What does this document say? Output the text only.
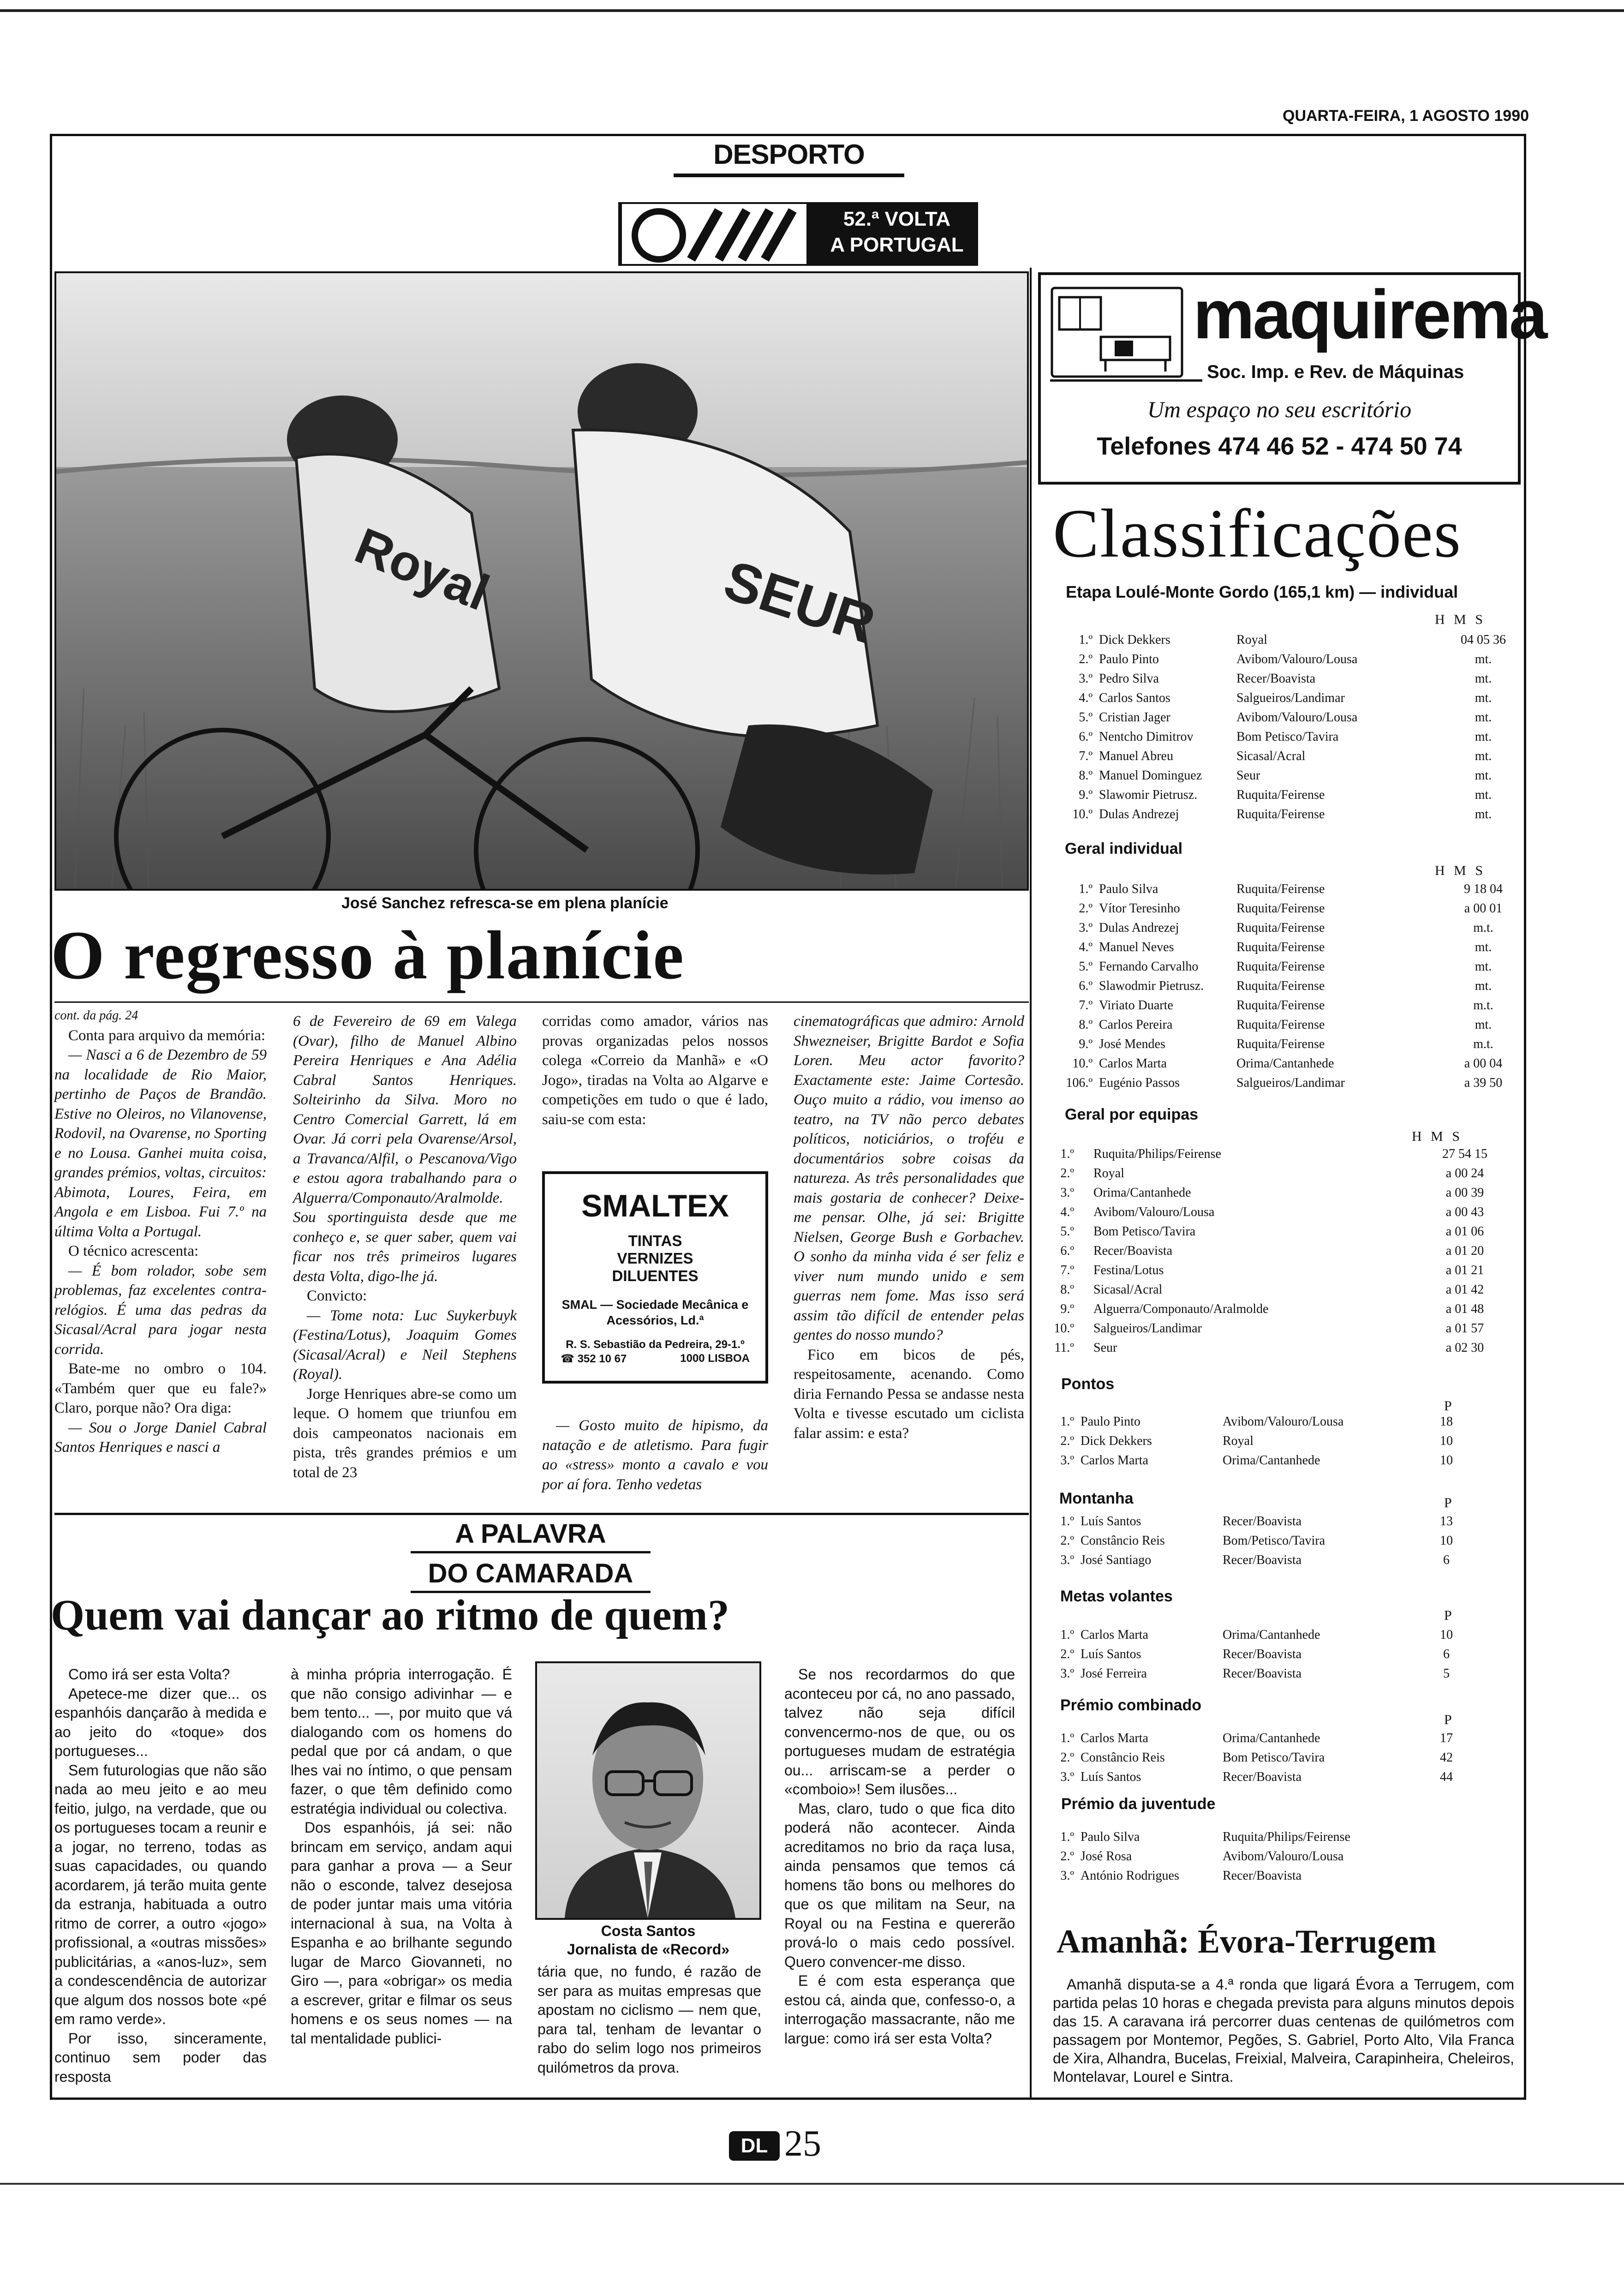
QUARTA-FEIRA, 1 AGOSTO 1990
DESPORTO
52.ª VOLTA
A PORTUGAL
Royal	SEUR
José Sanchez refresca-se em plena planície
O regresso à planície

cont. da pág. 24

Conta para arquivo da memória:

— Nasci a 6 de Dezembro de 59 na localidade de Rio Maior, pertinho de Paços de Brandão. Estive no Oleiros, no Vilanovense, Rodovil, na Ovarense, no Sporting e no Lousa. Ganhei muita coisa, grandes prémios, voltas, circuitos: Abimota, Loures, Feira, em Angola e em Lisboa. Fui 7.º na última Volta a Portugal.

O técnico acrescenta:

— É bom rolador, sobe sem problemas, faz excelentes contra-relógios. É uma das pedras da Sicasal/Acral para jogar nesta corrida.

Bate-me no ombro o 104. «Também quer que eu fale?» Claro, porque não? Ora diga:

— Sou o Jorge Daniel Cabral Santos Henriques e nasci a

6 de Fevereiro de 69 em Valega (Ovar), filho de Manuel Albino Pereira Henriques e Ana Adélia Cabral Santos Henriques. Solteirinho da Silva. Moro no Centro Comercial Garrett, lá em Ovar. Já corri pela Ovarense/Arsol, a Travanca/Alfil, o Pescanova/Vigo e estou agora trabalhando para o Alguerra/Componauto/Aralmolde. Sou sportinguista desde que me conheço e, se quer saber, quem vai ficar nos três primeiros lugares desta Volta, digo-lhe já.

Convicto:

— Tome nota: Luc Suykerbuyk (Festina/Lotus), Joaquim Gomes (Sicasal/Acral) e Neil Stephens (Royal).

Jorge Henriques abre-se como um leque. O homem que triunfou em dois campeonatos nacionais em pista, três grandes prémios e um total de 23

corridas como amador, vários nas provas organizadas pelos nossos colega «Correio da Manhã» e «O Jogo», tiradas na Volta ao Algarve e competições em tudo o que é lado, saiu-se com esta:

SMALTEX
TINTAS
VERNIZES
DILUENTES
SMAL — Sociedade Mecânica e Acessórios, Ld.ª
R. S. Sebastião da Pedreira, 29-1.º
☎ 352 10 67	1000 LISBOA

— Gosto muito de hipismo, da natação e de atletismo. Para fugir ao «stress» monto a cavalo e vou por aí fora. Tenho vedetas

cinematográficas que admiro: Arnold Shwezneiser, Brigitte Bardot e Sofia Loren. Meu actor favorito? Exactamente este: Jaime Cortesão. Ouço muito a rádio, vou imenso ao teatro, na TV não perco debates políticos, noticiários, o troféu e documentários sobre coisas da natureza. As três personalidades que mais gostaria de conhecer? Deixe-me pensar. Olhe, já sei: Brigitte Nielsen, George Bush e Gorbachev. O sonho da minha vida é ser feliz e viver num mundo unido e sem guerras nem fome. Mas isso será assim tão difícil de entender pelas gentes do nosso mundo?

Fico em bicos de pés, respeitosamente, acenando. Como diria Fernando Pessa se andasse nesta Volta e tivesse escutado um ciclista falar assim: e esta?

A PALAVRA
DO CAMARADA
Quem vai dançar ao ritmo de quem?

Como irá ser esta Volta?

Apetece-me dizer que... os espanhóis dançarão à medida e ao jeito do «toque» dos portugueses...

Sem futurologias que não são nada ao meu jeito e ao meu feitio, julgo, na verdade, que ou os portugueses tocam a reunir e a jogar, no terreno, todas as suas capacidades, ou quando acordarem, já terão muita gente da estranja, habituada a outro ritmo de correr, a outro «jogo» profissional, a «outras missões» publicitárias, a «anos-luz», sem a condescendência de autorizar que algum dos nossos bote «pé em ramo verde».

Por isso, sinceramente, continuo sem poder das resposta

à minha própria interrogação. É que não consigo adivinhar — e bem tento... —, por muito que vá dialogando com os homens do pedal que por cá andam, o que lhes vai no íntimo, o que pensam fazer, o que têm definido como estratégia individual ou colectiva.

Dos espanhóis, já sei: não brincam em serviço, andam aqui para ganhar a prova — a Seur não o esconde, talvez desejosa de poder juntar mais uma vitória internacional à sua, na Volta à Espanha e ao brilhante segundo lugar de Marco Giovanneti, no Giro —, para «obrigar» os media a escrever, gritar e filmar os seus homens e os seus nomes — na tal mentalidade publici-

Costa Santos
Jornalista de «Record»

tária que, no fundo, é razão de ser para as muitas empresas que apostam no ciclismo — nem que, para tal, tenham de levantar o rabo do selim logo nos primeiros quilómetros da prova.

Se nos recordarmos do que aconteceu por cá, no ano passado, talvez não seja difícil convencermo-nos de que, ou os portugueses mudam de estratégia ou... arriscam-se a perder o «comboio»! Sem ilusões...

Mas, claro, tudo o que fica dito poderá não acontecer. Ainda acreditamos no brio da raça lusa, ainda pensamos que temos cá homens tão bons ou melhores do que os que militam na Seur, na Royal ou na Festina e quererão prová-lo o mais cedo possível. Quero convencer-me disso.

E é com esta esperança que estou cá, ainda que, confesso-o, a interrogação massacrante, não me largue: como irá ser esta Volta?

maquirema
Soc. Imp. e Rev. de Máquinas
Um espaço no seu escritório
Telefones 474 46 52 - 474 50 74
Classificações
Etapa Loulé-Monte Gordo (165,1 km) — individual
H M S
1.º Dick Dekkers	Royal	04 05 36
2.º Paulo Pinto	Avibom/Valouro/Lousa	mt.
3.º Pedro Silva	Recer/Boavista	mt.
4.º Carlos Santos	Salgueiros/Landimar	mt.
5.º Cristian Jager	Avibom/Valouro/Lousa	mt.
6.º Nentcho Dimitrov	Bom Petisco/Tavira	mt.
7.º Manuel Abreu	Sicasal/Acral	mt.
8.º Manuel Dominguez	Seur	mt.
9.º Slawomir Pietrusz.	Ruquita/Feirense	mt.
10.º Dulas Andrezej	Ruquita/Feirense	mt.
Geral individual
H M S
1.º Paulo Silva	Ruquita/Feirense	9 18 04
2.º Vítor Teresinho	Ruquita/Feirense	a 00 01
3.º Dulas Andrezej	Ruquita/Feirense	m.t.
4.º Manuel Neves	Ruquita/Feirense	mt.
5.º Fernando Carvalho	Ruquita/Feirense	mt.
6.º Slawodmir Pietrusz.	Ruquita/Feirense	mt.
7.º Viriato Duarte	Ruquita/Feirense	m.t.
8.º Carlos Pereira	Ruquita/Feirense	mt.
9.º José Mendes	Ruquita/Feirense	m.t.
10.º Carlos Marta	Orima/Cantanhede	a 00 04
106.º Eugénio Passos	Salgueiros/Landimar	a 39 50
Geral por equipas
H M S
1.º Ruquita/Philips/Feirense	27 54 15
2.º Royal	a 00 24
3.º Orima/Cantanhede	a 00 39
4.º Avibom/Valouro/Lousa	a 00 43
5.º Bom Petisco/Tavira	a 01 06
6.º Recer/Boavista	a 01 20
7.º Festina/Lotus	a 01 21
8.º Sicasal/Acral	a 01 42
9.º Alguerra/Componauto/Aralmolde	a 01 48
10.º Salgueiros/Landimar	a 01 57
11.º Seur	a 02 30
Pontos
P
1.º Paulo Pinto	Avibom/Valouro/Lousa	18
2.º Dick Dekkers	Royal	10
3.º Carlos Marta	Orima/Cantanhede	10
Montanha	P
1.º Luís Santos	Recer/Boavista	13
2.º Constâncio Reis	Bom/Petisco/Tavira	10
3.º José Santiago	Recer/Boavista	6
Metas volantes
P
1.º Carlos Marta	Orima/Cantanhede	10
2.º Luís Santos	Recer/Boavista	6
3.º José Ferreira	Recer/Boavista	5
Prémio combinado
P
1.º Carlos Marta	Orima/Cantanhede	17
2.º Constâncio Reis	Bom Petisco/Tavira	42
3.º Luís Santos	Recer/Boavista	44
Prémio da juventude
1.º Paulo Silva	Ruquita/Philips/Feirense
2.º José Rosa	Avibom/Valouro/Lousa
3.º António Rodrigues	Recer/Boavista
Amanhã: Évora-Terrugem

Amanhã disputa-se a 4.ª ronda que ligará Évora a Terrugem, com partida pelas 10 horas e chegada prevista para alguns minutos depois das 15. A caravana irá percorrer duas centenas de quilómetros com passagem por Montemor, Pegões, S. Gabriel, Porto Alto, Vila Franca de Xira, Alhandra, Bucelas, Freixial, Malveira, Carapinheira, Cheleiros, Montelavar, Lourel e Sintra.

DL 25
